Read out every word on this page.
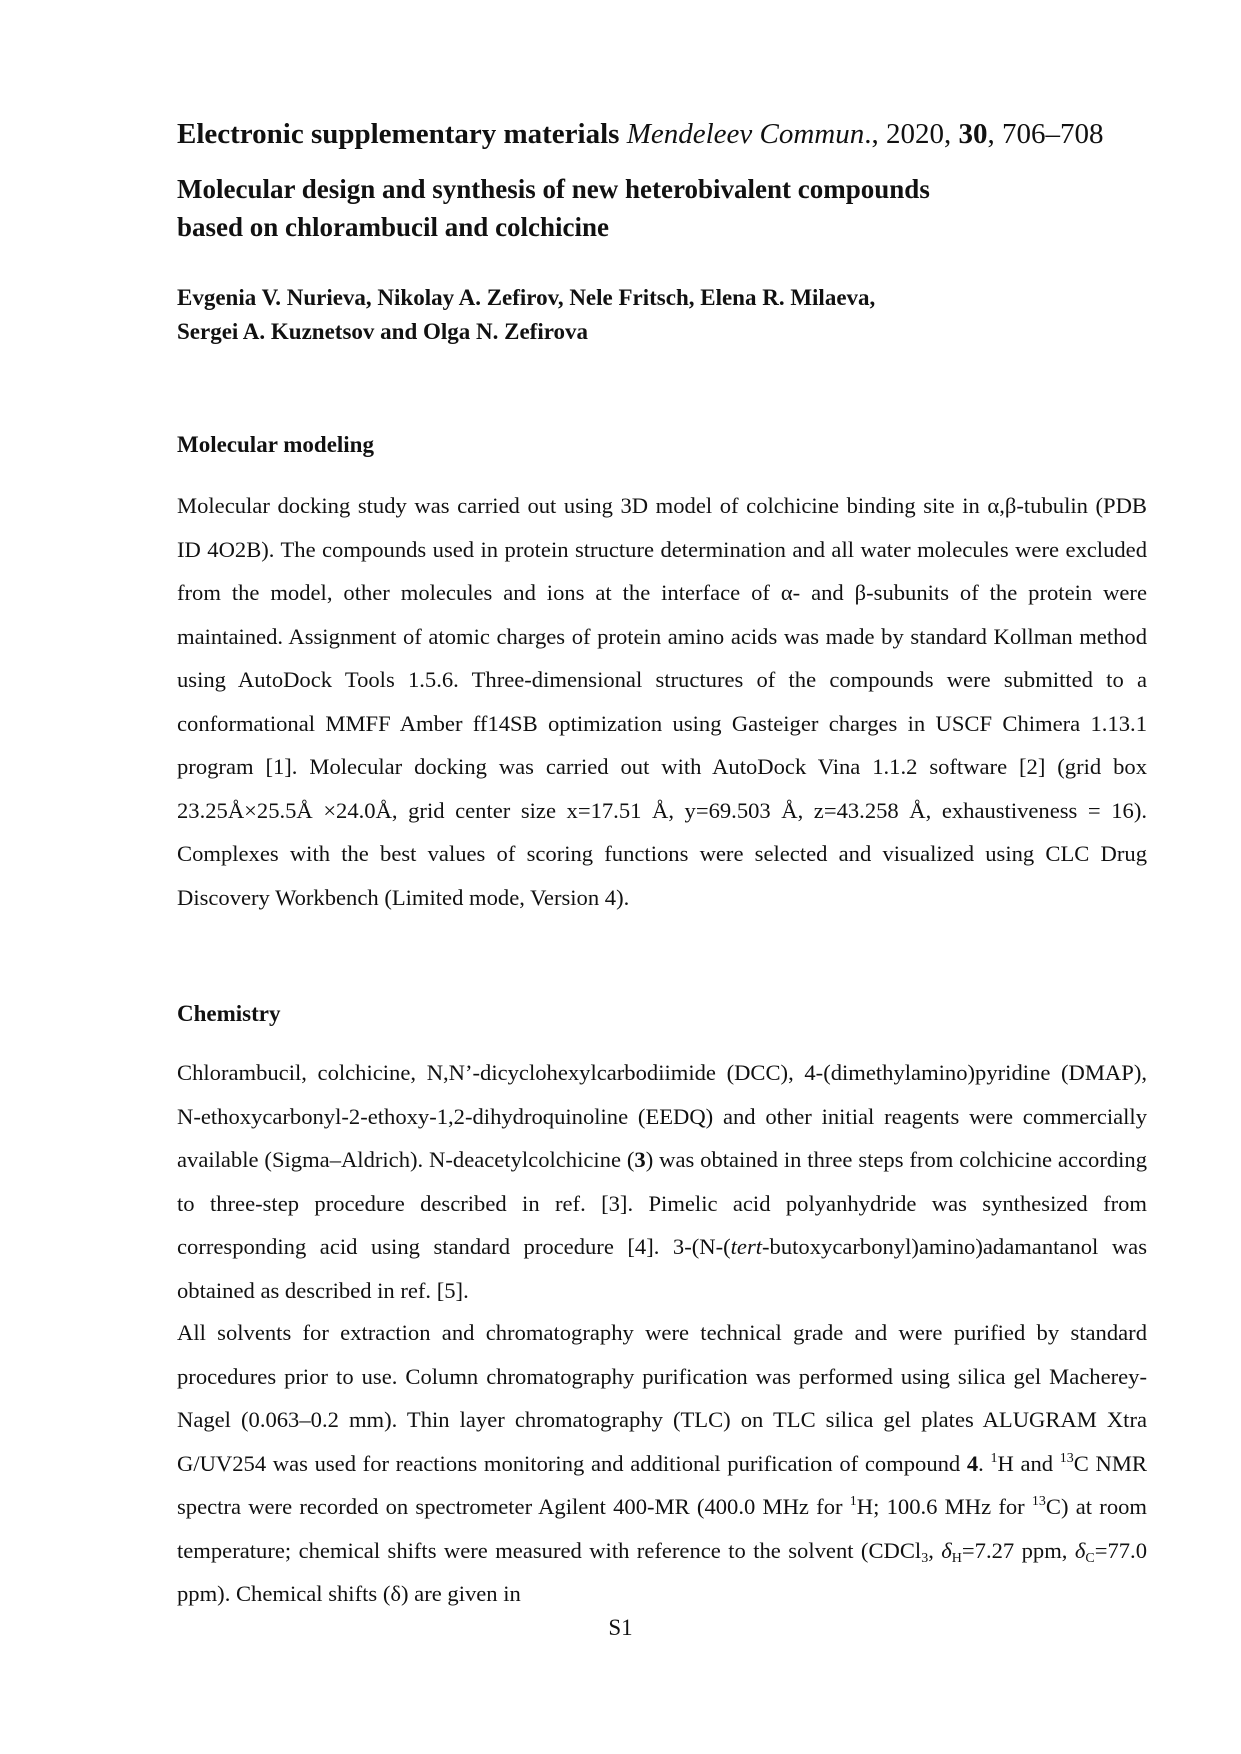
Electronic supplementary materials Mendeleev Commun., 2020, 30, 706–708
Molecular design and synthesis of new heterobivalent compounds
based on chlorambucil and colchicine
Evgenia V. Nurieva, Nikolay A. Zefirov, Nele Fritsch, Elena R. Milaeva,
Sergei A. Kuznetsov and Olga N. Zefirova
Molecular modeling
Molecular docking study was carried out using 3D model of colchicine binding site in α,β-tubulin (PDB ID 4O2B). The compounds used in protein structure determination and all water molecules were excluded from the model, other molecules and ions at the interface of α- and β-subunits of the protein were maintained. Assignment of atomic charges of protein amino acids was made by standard Kollman method using AutoDock Tools 1.5.6. Three-dimensional structures of the compounds were submitted to a conformational MMFF Amber ff14SB optimization using Gasteiger charges in USCF Chimera 1.13.1 program [1]. Molecular docking was carried out with AutoDock Vina 1.1.2 software [2] (grid box 23.25Å×25.5Å ×24.0Å, grid center size x=17.51 Å, y=69.503 Å, z=43.258 Å, exhaustiveness = 16). Complexes with the best values of scoring functions were selected and visualized using CLC Drug Discovery Workbench (Limited mode, Version 4).
Chemistry
Chlorambucil, colchicine, N,N’-dicyclohexylcarbodiimide (DCC), 4-(dimethylamino)pyridine (DMAP), N-ethoxycarbonyl-2-ethoxy-1,2-dihydroquinoline (EEDQ) and other initial reagents were commercially available (Sigma–Aldrich). N-deacetylcolchicine (3) was obtained in three steps from colchicine according to three-step procedure described in ref. [3]. Pimelic acid polyanhydride was synthesized from corresponding acid using standard procedure [4]. 3-(N-(tert-butoxycarbonyl)amino)adamantanol was obtained as described in ref. [5].
All solvents for extraction and chromatography were technical grade and were purified by standard procedures prior to use. Column chromatography purification was performed using silica gel Macherey-Nagel (0.063–0.2 mm). Thin layer chromatography (TLC) on TLC silica gel plates ALUGRAM Xtra G/UV254 was used for reactions monitoring and additional purification of compound 4. $^1$H and $^{13}$C NMR spectra were recorded on spectrometer Agilent 400-MR (400.0 MHz for $^1$H; 100.6 MHz for $^{13}$C) at room temperature; chemical shifts were measured with reference to the solvent (CDCl$_3$, $\delta_H=7.27$ ppm, $\delta_C=77.0$ ppm). Chemical shifts (δ) are given in
S1
